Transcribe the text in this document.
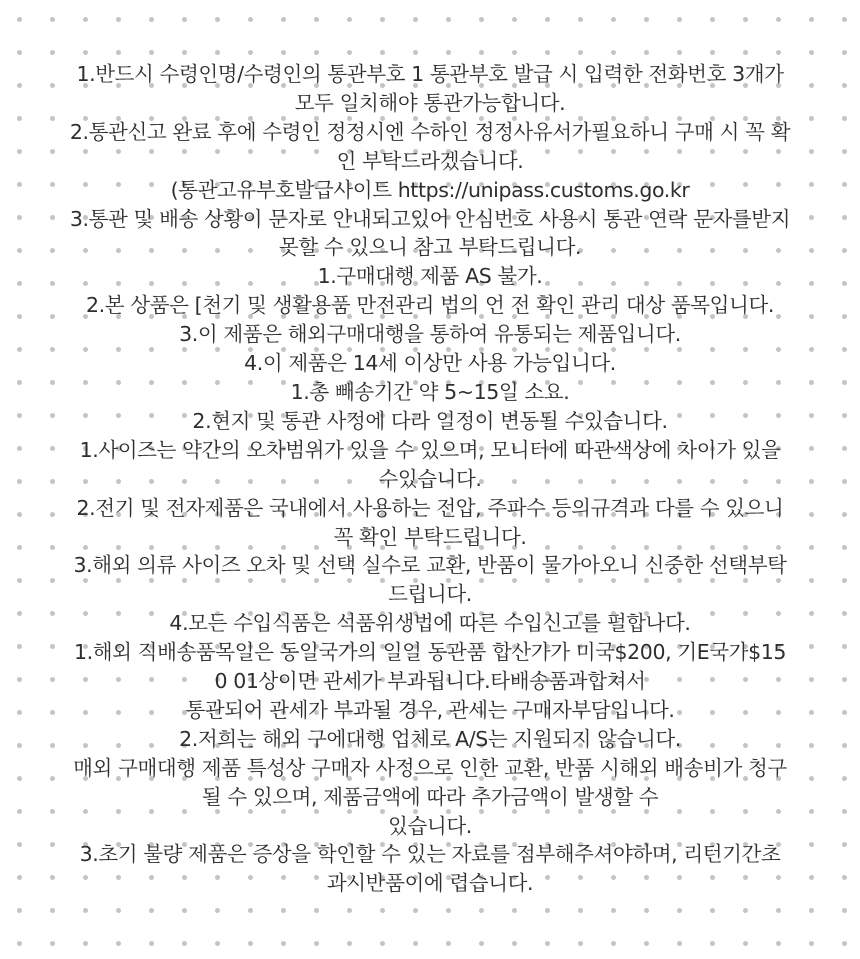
1.반드시 수령인명/수령인의 통관부호 1 통관부호 발급 시 입력한 전화번호 3개가
모두 일치해야 통관가능합니다.
2.통관신고 완료 후에 수령인 정정시엔 수하인 정정사유서가필요하니 구매 시 꼭 확
인 부탁드라겠습니다.
(통관고유부호발급사이트 https://unipass.customs.go.kr
3.통관 및 배송 상황이 문자로 안내되고있어 안심번호 사용시 통관 연락 문자를받지
못할 수 있으니 참고 부탁드립니다.
1.구매대행 제품 AS 불가.
2.본 상품은 [천기 및 생활용품 만전관리 법의 언 전 확인 관리 대상 품목입니다.
3.이 제품은 해외구매대행을 통하여 유통되는 제품입니다.
4.이 제품은 14세 이상만 사용 가능입니다.
1.총 빼송기간 약 5~15일 소요.
2.현지 및 통관 사정에 다라 일정이 변동될 수있습니다.
1.사이즈는 약간의 오차범위가 있을 수 있으며, 모니터에 따관색상에 차이가 있을
수있습니다.
2.전기 및 전자제품은 국내에서 사용하는 전압, 주파수 등의규격과 다를 수 있으니
꼭 확인 부탁드립니다.
3.해외 의류 사이즈 오차 및 선택 실수로 교환, 반품이 물가아오니 신중한 선택부탁
드립니다.
4.모든 수입식품은 석품위생법에 따른 수입신고를 펄합나다.
1.해외 직배송품목일은 동일국가의 일일 동관품 합산가가 미국$200, 기E국가$15
0 01상이면 관세가 부과됩니다.타배송품과합쳐서
통관되어 관세가 부과될 경우, 관세는 구매자부담입니다.
2.저희는 해외 구에대행 업체로 A/S는 지원되지 않습니다.
매외 구매대행 제품 특성상 구매자 사정으로 인한 교환, 반품 시해외 배송비가 청구
될 수 있으며, 제품금액에 따라 추가금액이 발생할 수
있습니다.
3.초기 불량 제품은 증상을 학인할 수 있는 자료를 점부해주셔야하며, 리턴기간초
과시반품이에 렵습니다.
